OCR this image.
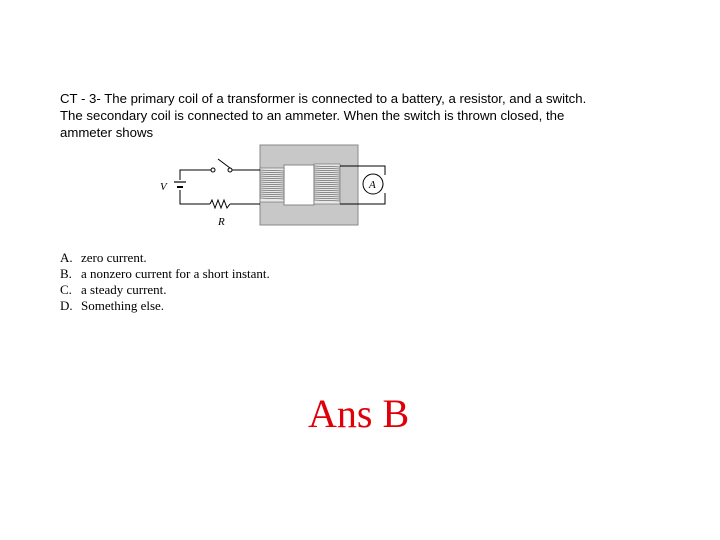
CT - 3- The primary coil of a transformer is connected to a battery, a resistor, and a switch.
The secondary coil is connected to an ammeter. When the switch is thrown closed, the
ammeter shows
V
R
A
A. zero current.
B. a nonzero current for a short instant.
C. a steady current.
D. Something else.
Ans B
